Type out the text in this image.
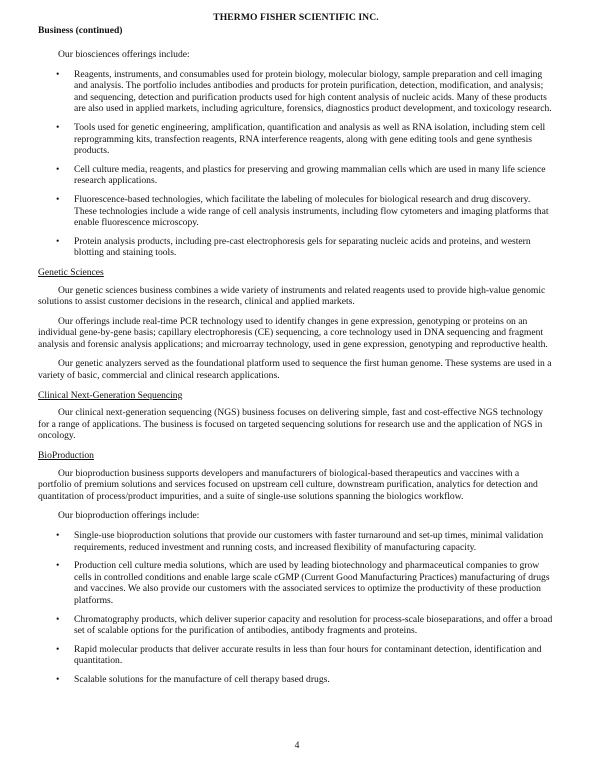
THERMO FISHER SCIENTIFIC INC.

Business (continued)

Our biosciences offerings include:

• Reagents, instruments, and consumables used for protein biology, molecular biology, sample preparation and cell imaging and analysis. The portfolio includes antibodies and products for protein purification, detection, modification, and analysis; and sequencing, detection and purification products used for high content analysis of nucleic acids. Many of these products are also used in applied markets, including agriculture, forensics, diagnostics product development, and toxicology research.
• Tools used for genetic engineering, amplification, quantification and analysis as well as RNA isolation, including stem cell reprogramming kits, transfection reagents, RNA interference reagents, along with gene editing tools and gene synthesis products.
• Cell culture media, reagents, and plastics for preserving and growing mammalian cells which are used in many life science research applications.
• Fluorescence-based technologies, which facilitate the labeling of molecules for biological research and drug discovery. These technologies include a wide range of cell analysis instruments, including flow cytometers and imaging platforms that enable fluorescence microscopy.
• Protein analysis products, including pre-cast electrophoresis gels for separating nucleic acids and proteins, and western blotting and staining tools.

Genetic Sciences

Our genetic sciences business combines a wide variety of instruments and related reagents used to provide high-value genomic solutions to assist customer decisions in the research, clinical and applied markets.

Our offerings include real-time PCR technology used to identify changes in gene expression, genotyping or proteins on an individual gene-by-gene basis; capillary electrophoresis (CE) sequencing, a core technology used in DNA sequencing and fragment analysis and forensic analysis applications; and microarray technology, used in gene expression, genotyping and reproductive health.

Our genetic analyzers served as the foundational platform used to sequence the first human genome. These systems are used in a variety of basic, commercial and clinical research applications.

Clinical Next-Generation Sequencing

Our clinical next-generation sequencing (NGS) business focuses on delivering simple, fast and cost-effective NGS technology for a range of applications. The business is focused on targeted sequencing solutions for research use and the application of NGS in oncology.

BioProduction

Our bioproduction business supports developers and manufacturers of biological-based therapeutics and vaccines with a portfolio of premium solutions and services focused on upstream cell culture, downstream purification, analytics for detection and quantitation of process/product impurities, and a suite of single-use solutions spanning the biologics workflow.

Our bioproduction offerings include:

• Single-use bioproduction solutions that provide our customers with faster turnaround and set-up times, minimal validation requirements, reduced investment and running costs, and increased flexibility of manufacturing capacity.
• Production cell culture media solutions, which are used by leading biotechnology and pharmaceutical companies to grow cells in controlled conditions and enable large scale cGMP (Current Good Manufacturing Practices) manufacturing of drugs and vaccines. We also provide our customers with the associated services to optimize the productivity of these production platforms.
• Chromatography products, which deliver superior capacity and resolution for process-scale bioseparations, and offer a broad set of scalable options for the purification of antibodies, antibody fragments and proteins.
• Rapid molecular products that deliver accurate results in less than four hours for contaminant detection, identification and quantitation.
• Scalable solutions for the manufacture of cell therapy based drugs.
4
